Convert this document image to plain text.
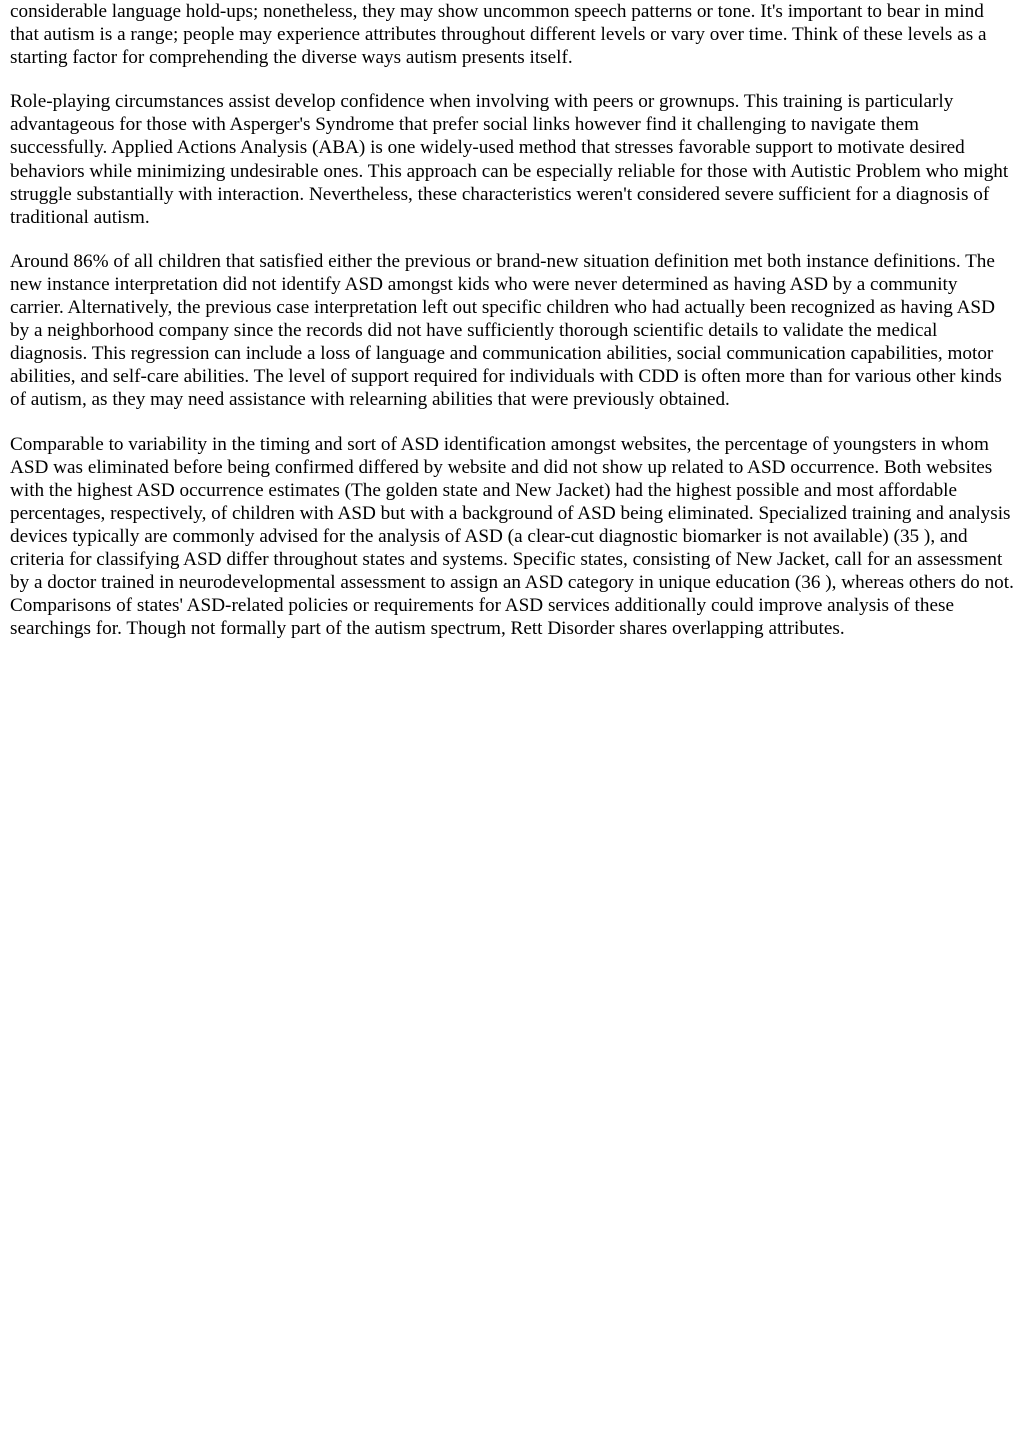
considerable language hold-ups; nonetheless, they may show uncommon speech patterns or tone. It's important to bear in mind that autism is a range; people may experience attributes throughout different levels or vary over time. Think of these levels as a starting factor for comprehending the diverse ways autism presents itself.

Role-playing circumstances assist develop confidence when involving with peers or grownups. This training is particularly advantageous for those with Asperger's Syndrome that prefer social links however find it challenging to navigate them successfully. Applied Actions Analysis (ABA) is one widely-used method that stresses favorable support to motivate desired behaviors while minimizing undesirable ones. This approach can be especially reliable for those with Autistic Problem who might struggle substantially with interaction. Nevertheless, these characteristics weren't considered severe sufficient for a diagnosis of traditional autism.

Around 86% of all children that satisfied either the previous or brand-new situation definition met both instance definitions. The new instance interpretation did not identify ASD amongst kids who were never determined as having ASD by a community carrier. Alternatively, the previous case interpretation left out specific children who had actually been recognized as having ASD by a neighborhood company since the records did not have sufficiently thorough scientific details to validate the medical diagnosis. This regression can include a loss of language and communication abilities, social communication capabilities, motor abilities, and self-care abilities. The level of support required for individuals with CDD is often more than for various other kinds of autism, as they may need assistance with relearning abilities that were previously obtained.

Comparable to variability in the timing and sort of ASD identification amongst websites, the percentage of youngsters in whom ASD was eliminated before being confirmed differed by website and did not show up related to ASD occurrence. Both websites with the highest ASD occurrence estimates (The golden state and New Jacket) had the highest possible and most affordable percentages, respectively, of children with ASD but with a background of ASD being eliminated. Specialized training and analysis devices typically are commonly advised for the analysis of ASD (a clear-cut diagnostic biomarker is not available) (35 ), and criteria for classifying ASD differ throughout states and systems. Specific states, consisting of New Jacket, call for an assessment by a doctor trained in neurodevelopmental assessment to assign an ASD category in unique education (36 ), whereas others do not. Comparisons of states' ASD-related policies or requirements for ASD services additionally could improve analysis of these searchings for. Though not formally part of the autism spectrum, Rett Disorder shares overlapping attributes.
